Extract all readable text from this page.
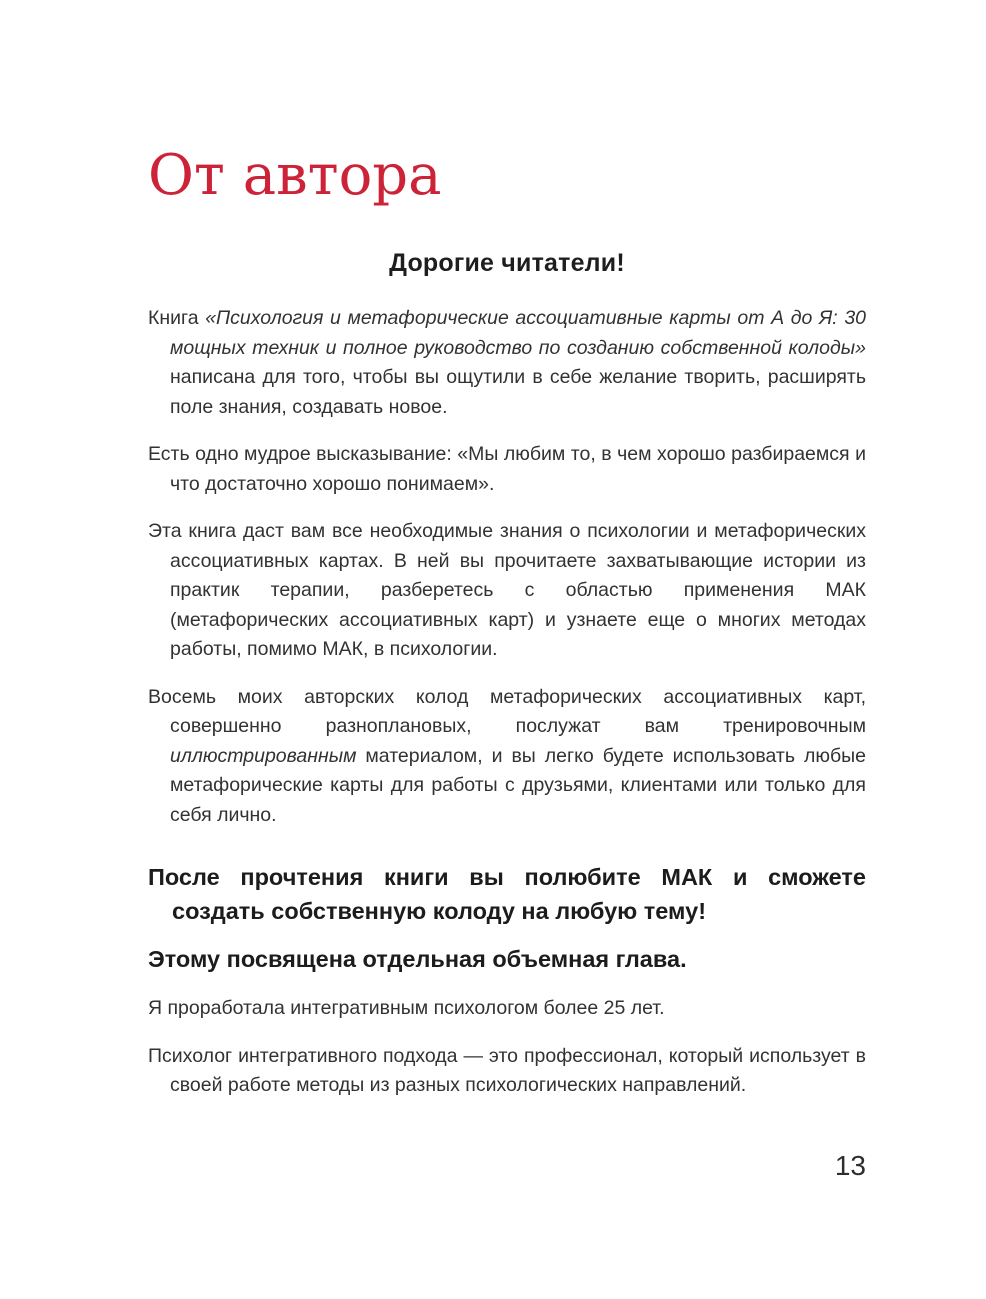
От автора
Дорогие читатели!

Книга «Психология и метафорические ассоциативные карты от А до Я: 30 мощных техник и полное руководство по созданию собственной колоды» написана для того, чтобы вы ощутили в себе желание творить, расширять поле знания, создавать новое.

Есть одно мудрое высказывание: «Мы любим то, в чем хорошо разбираемся и что достаточно хорошо понимаем».

Эта книга даст вам все необходимые знания о психологии и метафорических ассоциативных картах. В ней вы прочитаете захватывающие истории из практик терапии, разберетесь с областью применения МАК (метафорических ассоциативных карт) и узнаете еще о многих методах работы, помимо МАК, в психологии.

Восемь моих авторских колод метафорических ассоциативных карт, совершенно разноплановых, послужат вам тренировочным иллюстрированным материалом, и вы легко будете использовать любые метафорические карты для работы с друзьями, клиентами или только для себя лично.

После прочтения книги вы полюбите МАК и сможете создать собственную колоду на любую тему!

Этому посвящена отдельная объемная глава.

Я проработала интегративным психологом более 25 лет.

Психолог интегративного подхода — это профессионал, который использует в своей работе методы из разных психологических направлений.

13
